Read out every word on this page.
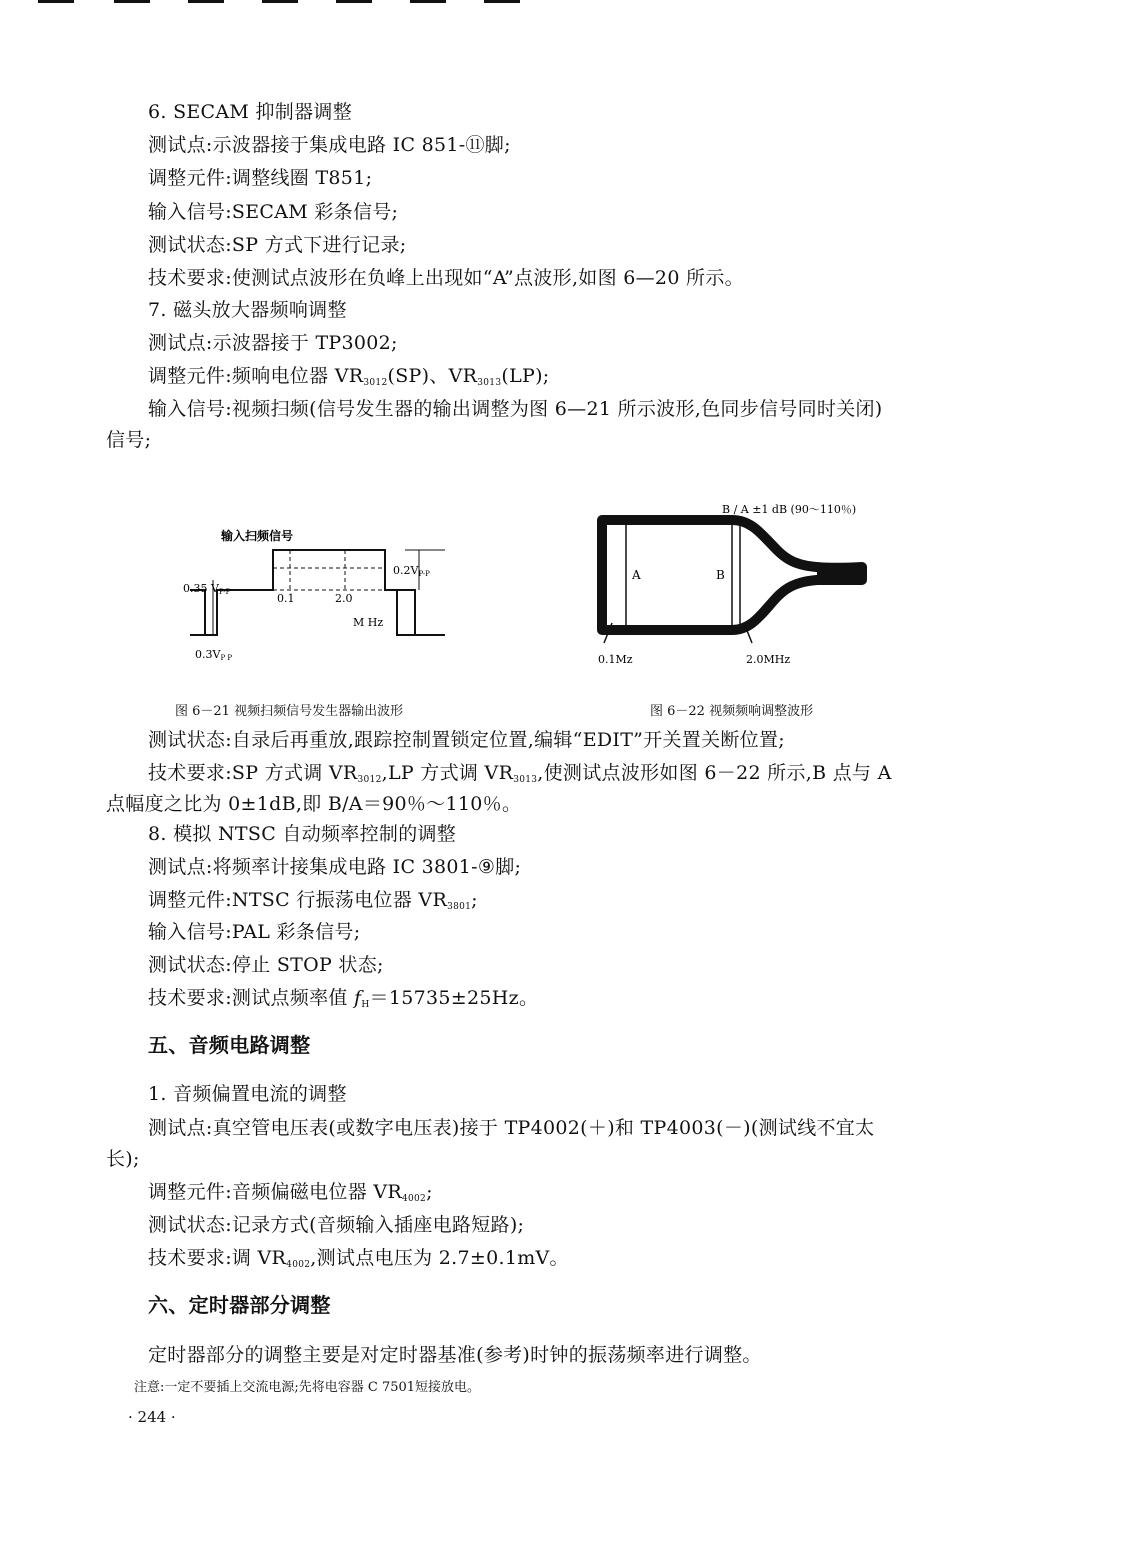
6. SECAM 抑制器调整
测试点:示波器接于集成电路 IC 851-⑪脚;
调整元件:调整线圈 T851;
输入信号:SECAM 彩条信号;
测试状态:SP 方式下进行记录;
技术要求:使测试点波形在负峰上出现如“A”点波形,如图 6—20 所示。
7. 磁头放大器频响调整
测试点:示波器接于 TP3002;
调整元件:频响电位器 $VR_{3012}(SP)$、$VR_{3013}(LP)$;
输入信号:视频扫频(信号发生器的输出调整为图 6—21 所示波形,色同步信号同时关闭)
信号;
输入扫频信号
0.35 VP-P
0.2VP-P
0.1	2.0
M Hz
0.3VP P
图 6－21 视频扫频信号发生器输出波形
B / A ±1 dB (90～110％)
A	B
0.1Mz	2.0MHz
图 6－22 视频频响调整波形
测试状态:自录后再重放,跟踪控制置锁定位置,编辑“EDIT”开关置关断位置;
技术要求:SP 方式调 $VR_{3012},LP$ 方式调 $VR_{3013}$,使测试点波形如图 6－22 所示,B 点与 A
点幅度之比为 0±1dB,即 B/A＝90％～110％。
8. 模拟 NTSC 自动频率控制的调整
测试点:将频率计接集成电路 IC 3801-⑨脚;
调整元件:NTSC 行振荡电位器 $VR_{3801}$;
输入信号:PAL 彩条信号;
测试状态:停止 STOP 状态;
技术要求:测试点频率值 $f_H=15735\pm 25Hz$。
五、音频电路调整
1. 音频偏置电流的调整
测试点:真空管电压表(或数字电压表)接于 TP4002(＋)和 TP4003(－)(测试线不宜太
长);
调整元件:音频偏磁电位器 $VR_{4002}$;
测试状态:记录方式(音频输入插座电路短路);
技术要求:调 $VR_{4002}$,测试点电压为 2.7±0.1mV。
六、定时器部分调整
定时器部分的调整主要是对定时器基准(参考)时钟的振荡频率进行调整。
注意:一定不要插上交流电源;先将电容器 C 7501短接放电。
· 244 ·
